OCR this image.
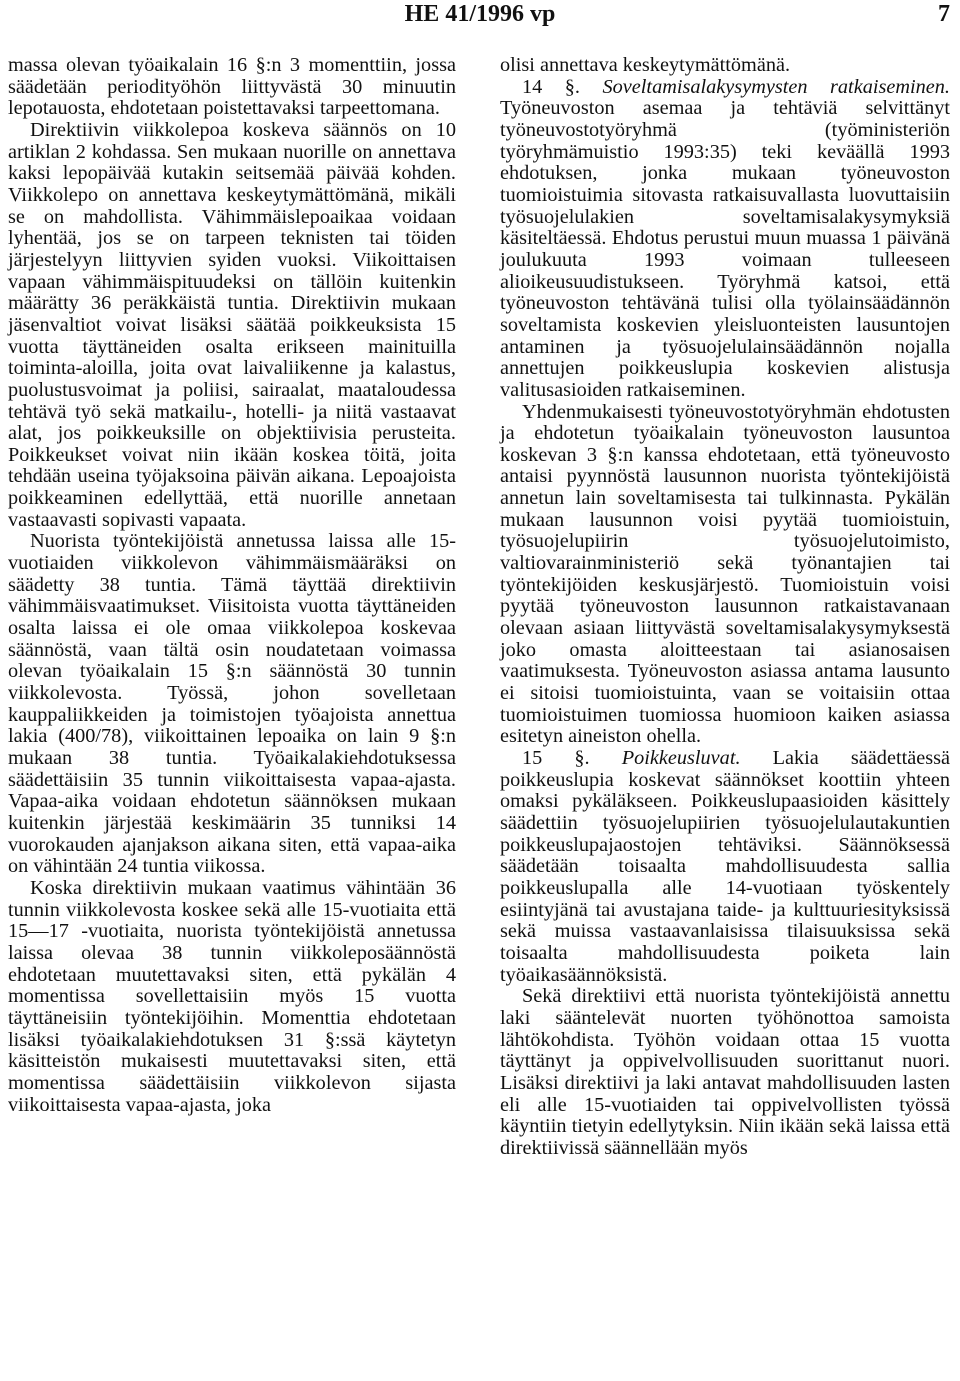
HE 41/1996 vp	7

massa olevan työaikalain 16 §:n 3 momenttiin, jossa säädetään periodityöhön liittyvästä 30 minuutin lepotauosta, ehdotetaan poistettavaksi tarpeettomana.

Direktiivin viikkolepoa koskeva säännös on 10 artiklan 2 kohdassa. Sen mukaan nuorille on annettava kaksi lepopäivää kutakin seitsemää päivää kohden. Viikkolepo on annettava keskeytymättömänä, mikäli se on mahdollista. Vähimmäislepoaikaa voidaan lyhentää, jos se on tarpeen teknisten tai töiden järjestelyyn liittyvien syiden vuoksi. Viikoittaisen vapaan vähimmäispituudeksi on tällöin kuitenkin määrätty 36 peräkkäistä tuntia. Direktiivin mukaan jäsenvaltiot voivat lisäksi säätää poikkeuksista 15 vuotta täyttäneiden osalta erikseen mainituilla toiminta-aloilla, joita ovat laivaliikenne ja kalastus, puolustusvoimat ja poliisi, sairaalat, maataloudessa tehtävä työ sekä matkailu-, hotelli- ja niitä vastaavat alat, jos poikkeuksille on objektiivisia perusteita. Poikkeukset voivat niin ikään koskea töitä, joita tehdään useina työjaksoina päivän aikana. Lepoajoista poikkeaminen edellyttää, että nuorille annetaan vastaavasti sopivasti vapaata.

Nuorista työntekijöistä annetussa laissa alle 15-vuotiaiden viikkolevon vähimmäismääräksi on säädetty 38 tuntia. Tämä täyttää direktiivin vähimmäisvaatimukset. Viisitoista vuotta täyttäneiden osalta laissa ei ole omaa viikkolepoa koskevaa säännöstä, vaan tältä osin noudatetaan voimassa olevan työaikalain 15 §:n säännöstä 30 tunnin viikkolevosta. Työssä, johon sovelletaan kauppaliikkeiden ja toimistojen työajoista annettua lakia (400/78), viikoittainen lepoaika on lain 9 §:n mukaan 38 tuntia. Työaikalakiehdotuksessa säädettäisiin 35 tunnin viikoittaisesta vapaa-ajasta. Vapaa-aika voidaan ehdotetun säännöksen mukaan kuitenkin järjestää keskimäärin 35 tunniksi 14 vuorokauden ajanjakson aikana siten, että vapaa-aika on vähintään 24 tuntia viikossa.

Koska direktiivin mukaan vaatimus vähintään 36 tunnin viikkolevosta koskee sekä alle 15-vuotiaita että 15—17 -vuotiaita, nuorista työntekijöistä annetussa laissa olevaa 38 tunnin viikkoleposäännöstä ehdotetaan muutettavaksi siten, että pykälän 4 momentissa sovellettaisiin myös 15 vuotta täyttäneisiin työntekijöihin. Momenttia ehdotetaan lisäksi työaikalakiehdotuksen 31 §:ssä käytetyn käsitteistön mukaisesti muutettavaksi siten, että momentissa säädettäisiin viikkolevon sijasta viikoittaisesta vapaa-ajasta, joka

olisi annettava keskeytymättömänä.

14 §. Soveltamisalakysymysten ratkaiseminen. Työneuvoston asemaa ja tehtäviä selvittänyt työneuvostotyöryhmä (työministeriön työryhmämuistio 1993:35) teki keväällä 1993 ehdotuksen, jonka mukaan työneuvoston tuomioistuimia sitovasta ratkaisuvallasta luovuttaisiin työsuojelulakien soveltamisalakysymyksiä käsiteltäessä. Ehdotus perustui muun muassa 1 päivänä joulukuuta 1993 voimaan tulleeseen alioikeusuudistukseen. Työryhmä katsoi, että työneuvoston tehtävänä tulisi olla työlainsäädännön soveltamista koskevien yleisluonteisten lausuntojen antaminen ja työsuojelulainsäädännön nojalla annettujen poikkeuslupia koskevien alistusja valitusasioiden ratkaiseminen.

Yhdenmukaisesti työneuvostotyöryhmän ehdotusten ja ehdotetun työaikalain työneuvoston lausuntoa koskevan 3 §:n kanssa ehdotetaan, että työneuvosto antaisi pyynnöstä lausunnon nuorista työntekijöistä annetun lain soveltamisesta tai tulkinnasta. Pykälän mukaan lausunnon voisi pyytää tuomioistuin, työsuojelupiirin työsuojelutoimisto, valtiovarainministeriö sekä työnantajien tai työntekijöiden keskusjärjestö. Tuomioistuin voisi pyytää työneuvoston lausunnon ratkaistavanaan olevaan asiaan liittyvästä soveltamisalakysymyksestä joko omasta aloitteestaan tai asianosaisen vaatimuksesta. Työneuvoston asiassa antama lausunto ei sitoisi tuomioistuinta, vaan se voitaisiin ottaa tuomioistuimen tuomiossa huomioon kaiken asiassa esitetyn aineiston ohella.

15 §. Poikkeusluvat. Lakia säädettäessä poikkeuslupia koskevat säännökset koottiin yhteen omaksi pykäläkseen. Poikkeuslupaasioiden käsittely säädettiin työsuojelupiirien työsuojelulautakuntien poikkeuslupajaostojen tehtäviksi. Säännöksessä säädetään toisaalta mahdollisuudesta sallia poikkeuslupalla alle 14-vuotiaan työskentely esiintyjänä tai avustajana taide- ja kulttuuriesityksissä sekä muissa vastaavanlaisissa tilaisuuksissa sekä toisaalta mahdollisuudesta poiketa lain työaikasäännöksistä.

Sekä direktiivi että nuorista työntekijöistä annettu laki sääntelevät nuorten työhönottoa samoista lähtökohdista. Työhön voidaan ottaa 15 vuotta täyttänyt ja oppivelvollisuuden suorittanut nuori. Lisäksi direktiivi ja laki antavat mahdollisuuden lasten eli alle 15-vuotiaiden tai oppivelvollisten työssä käyntiin tietyin edellytyksin. Niin ikään sekä laissa että direktiivissä säännellään myös
